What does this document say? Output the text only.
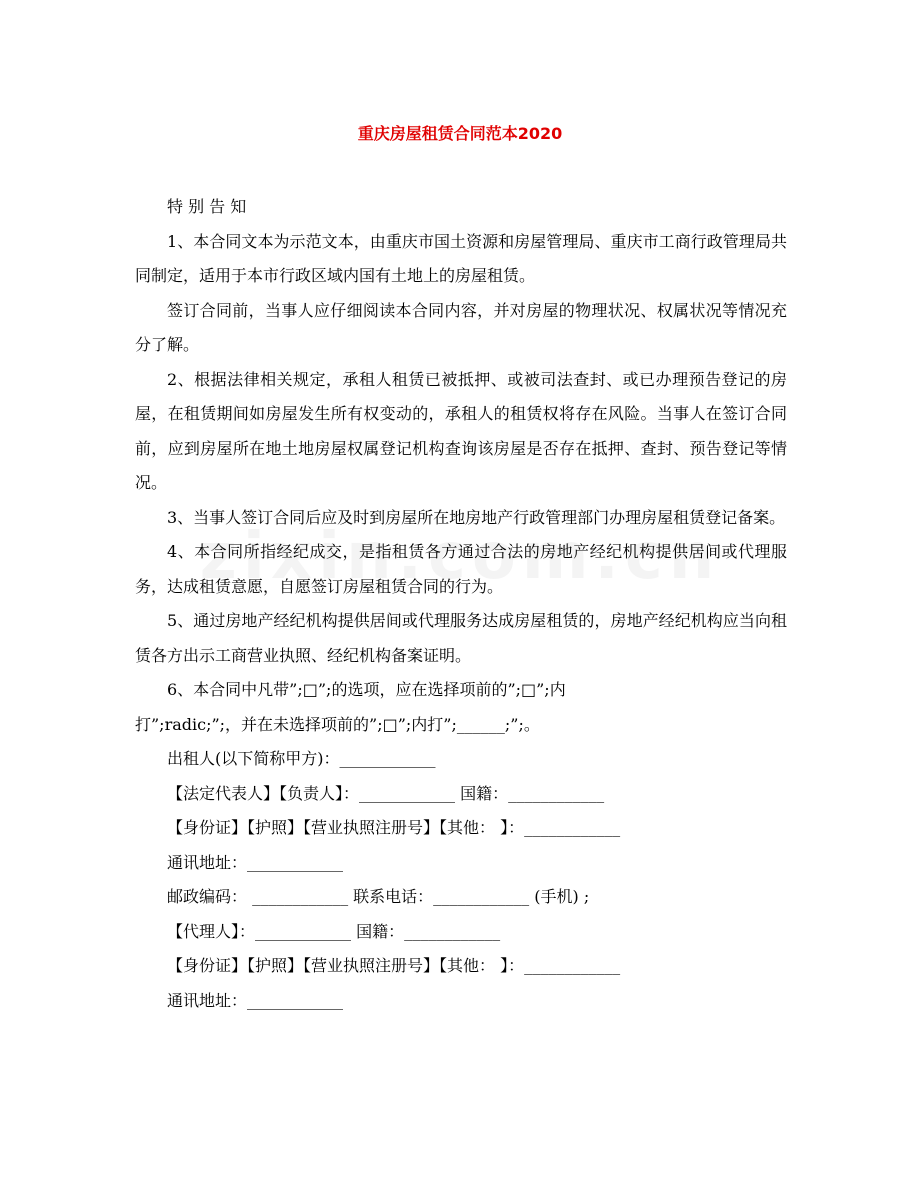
重庆房屋租赁合同范本2020

特 别 告 知

1、本合同文本为示范文本，由重庆市国土资源和房屋管理局、重庆市工商行政管理局共同制定，适用于本市行政区域内国有土地上的房屋租赁。

签订合同前，当事人应仔细阅读本合同内容，并对房屋的物理状况、权属状况等情况充分了解。

2、根据法律相关规定，承租人租赁已被抵押、或被司法查封、或已办理预告登记的房屋，在租赁期间如房屋发生所有权变动的，承租人的租赁权将存在风险。当事人在签订合同前，应到房屋所在地土地房屋权属登记机构查询该房屋是否存在抵押、查封、预告登记等情况。

3、当事人签订合同后应及时到房屋所在地房地产行政管理部门办理房屋租赁登记备案。

4、本合同所指经纪成交，是指租赁各方通过合法的房地产经纪机构提供居间或代理服务，达成租赁意愿，自愿签订房屋租赁合同的行为。

5、通过房地产经纪机构提供居间或代理服务达成房屋租赁的，房地产经纪机构应当向租赁各方出示工商营业执照、经纪机构备案证明。

6、本合同中凡带”;□”;的选项，应在选择项前的”;□”;内

打”;radic;”;，并在未选择项前的”;□”;内打”;______;”;。

出租人(以下简称甲方)：____________

【法定代表人】【负责人】：____________ 国籍：____________

【身份证】【护照】【营业执照注册号】【其他： 】：____________

通讯地址：____________

邮政编码： ____________ 联系电话：____________ (手机) ;

【代理人】：____________ 国籍：____________

【身份证】【护照】【营业执照注册号】【其他： 】：____________

通讯地址：____________
